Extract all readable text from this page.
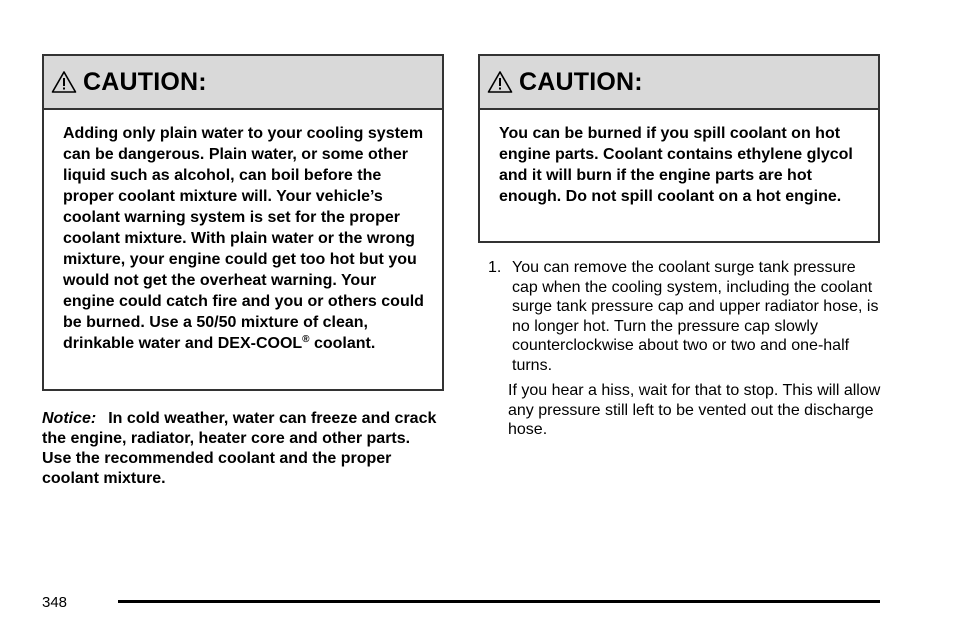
CAUTION:
Adding only plain water to your cooling system can be dangerous. Plain water, or some other liquid such as alcohol, can boil before the proper coolant mixture will. Your vehicle’s coolant warning system is set for the proper coolant mixture. With plain water or the wrong mixture, your engine could get too hot but you would not get the overheat warning. Your engine could catch fire and you or others could be burned. Use a 50/50 mixture of clean, drinkable water and DEX-COOL® coolant.
Notice: In cold weather, water can freeze and crack the engine, radiator, heater core and other parts. Use the recommended coolant and the proper coolant mixture.
CAUTION:
You can be burned if you spill coolant on hot engine parts. Coolant contains ethylene glycol and it will burn if the engine parts are hot enough. Do not spill coolant on a hot engine.
1. You can remove the coolant surge tank pressure cap when the cooling system, including the coolant surge tank pressure cap and upper radiator hose, is no longer hot. Turn the pressure cap slowly counterclockwise about two or two and one-half turns.
If you hear a hiss, wait for that to stop. This will allow any pressure still left to be vented out the discharge hose.
348
